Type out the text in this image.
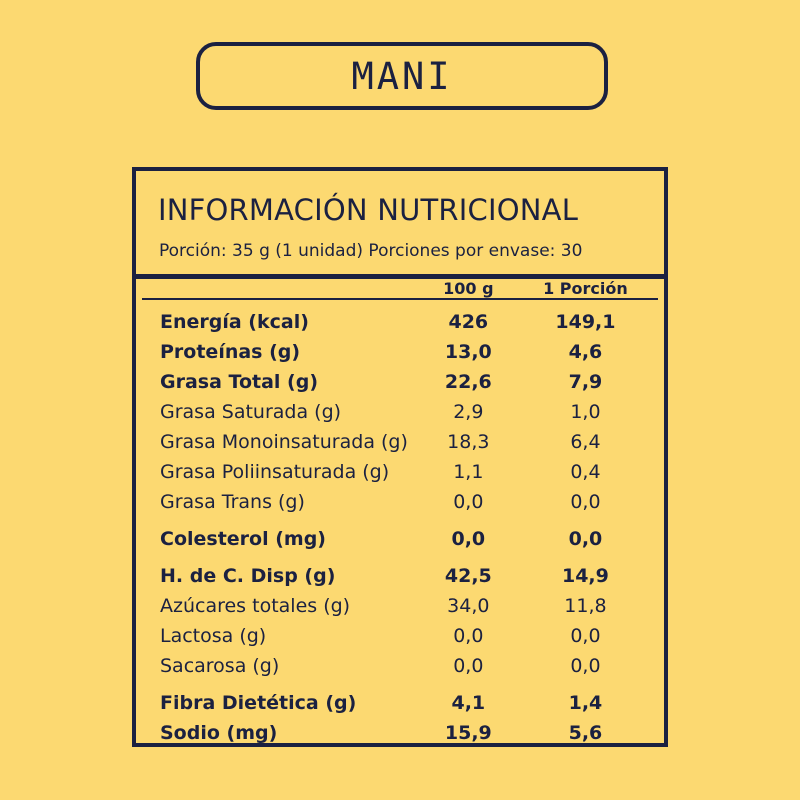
MANI
INFORMACIÓN NUTRICIONAL
Porción: 35 g (1 unidad) Porciones por envase: 30
	100 g	1 Porción
Energía (kcal)	426	149,1
Proteínas (g)	13,0	4,6
Grasa Total (g)	22,6	7,9
Grasa Saturada (g)	2,9	1,0
Grasa Monoinsaturada (g)	18,3	6,4
Grasa Poliinsaturada (g)	1,1	0,4
Grasa Trans (g)	0,0	0,0
Colesterol (mg)	0,0	0,0
H. de C. Disp (g)	42,5	14,9
Azúcares totales (g)	34,0	11,8
Lactosa (g)	0,0	0,0
Sacarosa (g)	0,0	0,0
Fibra Dietética (g)	4,1	1,4
Sodio (mg)	15,9	5,6
